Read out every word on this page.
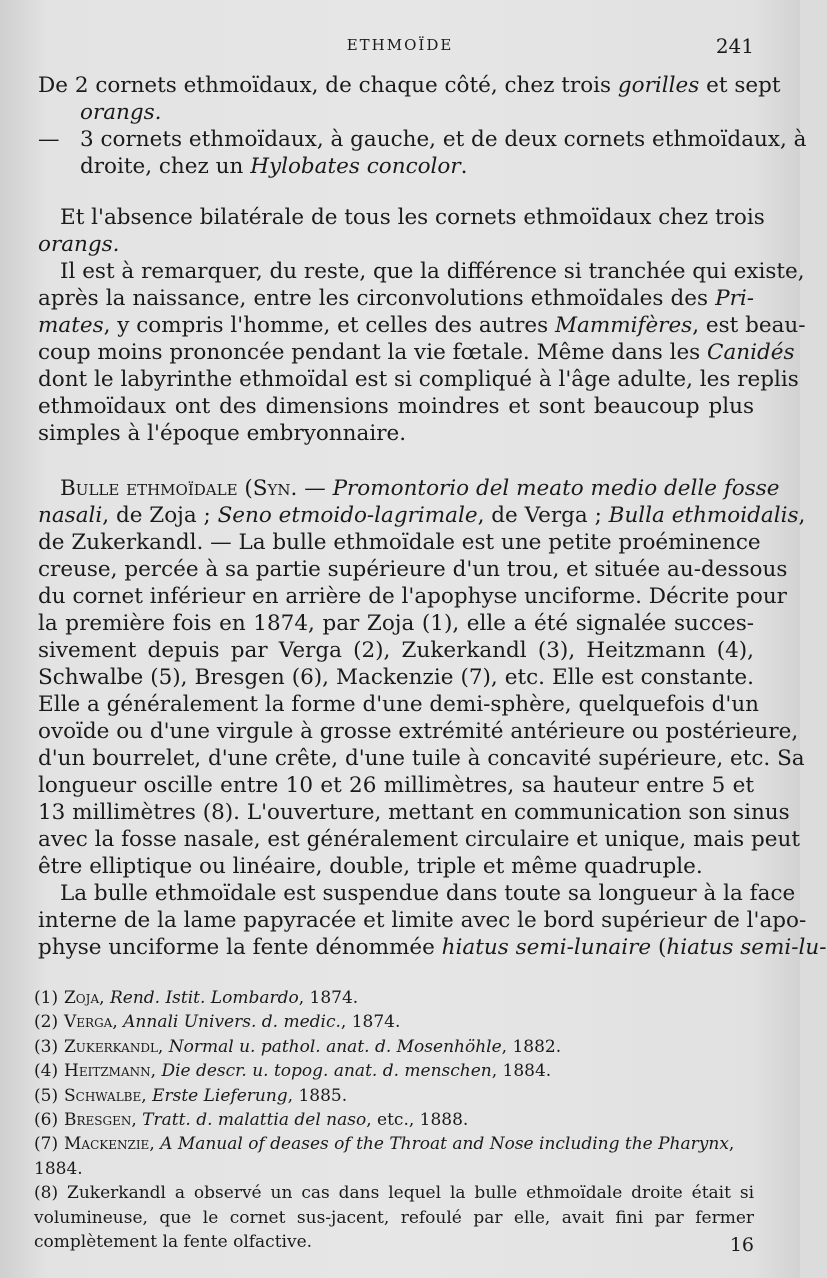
ETHMOÏDE	241
De 2 cornets ethmoïdaux, de chaque côté, chez trois gorilles et sept
orangs.
— 3 cornets ethmoïdaux, à gauche, et de deux cornets ethmoïdaux, à
droite, chez un Hylobates concolor.

Et l'absence bilatérale de tous les cornets ethmoïdaux chez trois
orangs.

Il est à remarquer, du reste, que la différence si tranchée qui existe,
après la naissance, entre les circonvolutions ethmoïdales des Pri-
mates, y compris l'homme, et celles des autres Mammifères, est beau-
coup moins prononcée pendant la vie fœtale. Même dans les Canidés
dont le labyrinthe ethmoïdal est si compliqué à l'âge adulte, les replis
ethmoïdaux ont des dimensions moindres et sont beaucoup plus
simples à l'époque embryonnaire.

Bulle ethmoïdale (Syn. — Promontorio del meato medio delle fosse
nasali, de Zoja ; Seno etmoido-lagrimale, de Verga ; Bulla ethmoidalis,
de Zukerkandl. — La bulle ethmoïdale est une petite proéminence
creuse, percée à sa partie supérieure d'un trou, et située au-dessous
du cornet inférieur en arrière de l'apophyse unciforme. Décrite pour
la première fois en 1874, par Zoja (1), elle a été signalée succes-
sivement depuis par Verga (2), Zukerkandl (3), Heitzmann (4),
Schwalbe (5), Bresgen (6), Mackenzie (7), etc. Elle est constante.
Elle a généralement la forme d'une demi-sphère, quelquefois d'un
ovoïde ou d'une virgule à grosse extrémité antérieure ou postérieure,
d'un bourrelet, d'une crête, d'une tuile à concavité supérieure, etc. Sa
longueur oscille entre 10 et 26 millimètres, sa hauteur entre 5 et
13 millimètres (8). L'ouverture, mettant en communication son sinus
avec la fosse nasale, est généralement circulaire et unique, mais peut
être elliptique ou linéaire, double, triple et même quadruple.

La bulle ethmoïdale est suspendue dans toute sa longueur à la face
interne de la lame papyracée et limite avec le bord supérieur de l'apo-
physe unciforme la fente dénommée hiatus semi-lunaire (hiatus semi-lu-

(1) Zoja, Rend. Istit. Lombardo, 1874.
(2) Verga, Annali Univers. d. medic., 1874.
(3) Zukerkandl, Normal u. pathol. anat. d. Mosenhöhle, 1882.
(4) Heitzmann, Die descr. u. topog. anat. d. menschen, 1884.
(5) Schwalbe, Erste Lieferung, 1885.
(6) Bresgen, Tratt. d. malattia del naso, etc., 1888.
(7) Mackenzie, A Manual of deases of the Throat and Nose including the Pharynx,
1884.
(8) Zukerkandl a observé un cas dans lequel la bulle ethmoïdale droite était si volumineuse, que le cornet sus-jacent, refoulé par elle, avait fini par fermer complètement la fente olfactive.	16
